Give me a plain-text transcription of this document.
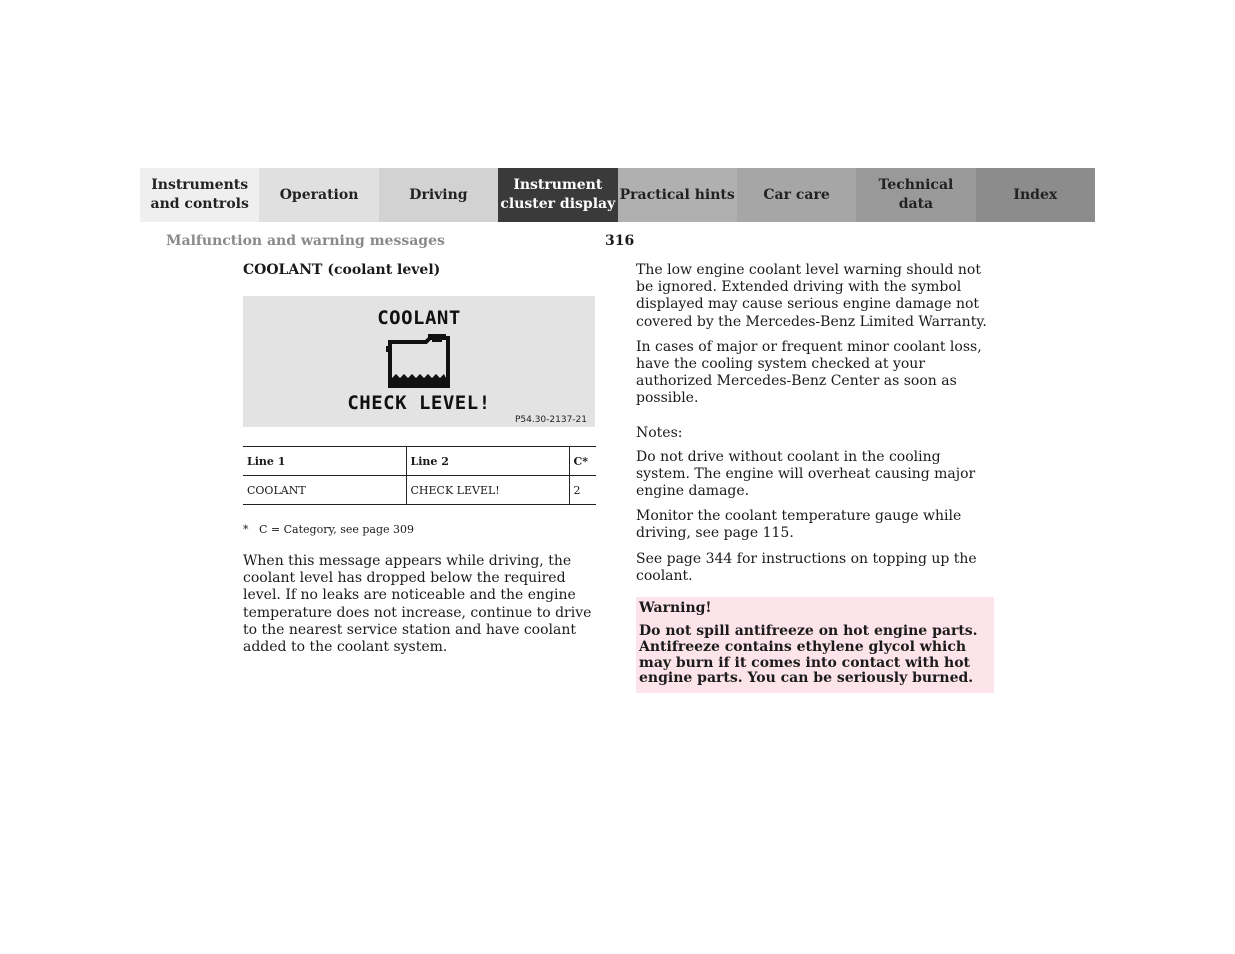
Instruments
and controls
Operation	Driving
Instrument
cluster display
Practical hints	Car care
Technical
data
Index
Malfunction and warning messages	316
COOLANT (coolant level)
COOLANT
CHECK LEVEL!
P54.30-2137-21
Line 1	Line 2	C*
COOLANT	CHECK LEVEL!	2
* C = Category, see page 309

When this message appears while driving, the coolant level has dropped below the required level. If no leaks are noticeable and the engine temperature does not increase, continue to drive to the nearest service station and have coolant added to the coolant system.

The low engine coolant level warning should not be ignored. Extended driving with the symbol displayed may cause serious engine damage not covered by the Mercedes-Benz Limited Warranty.

In cases of major or frequent minor coolant loss, have the cooling system checked at your authorized Mercedes-Benz Center as soon as possible.

Notes:

Do not drive without coolant in the cooling system. The engine will overheat causing major engine damage.

Monitor the coolant temperature gauge while driving, see page 115.

See page 344 for instructions on topping up the coolant.

Warning!

Do not spill antifreeze on hot engine parts. Antifreeze contains ethylene glycol which may burn if it comes into contact with hot engine parts. You can be seriously burned.
